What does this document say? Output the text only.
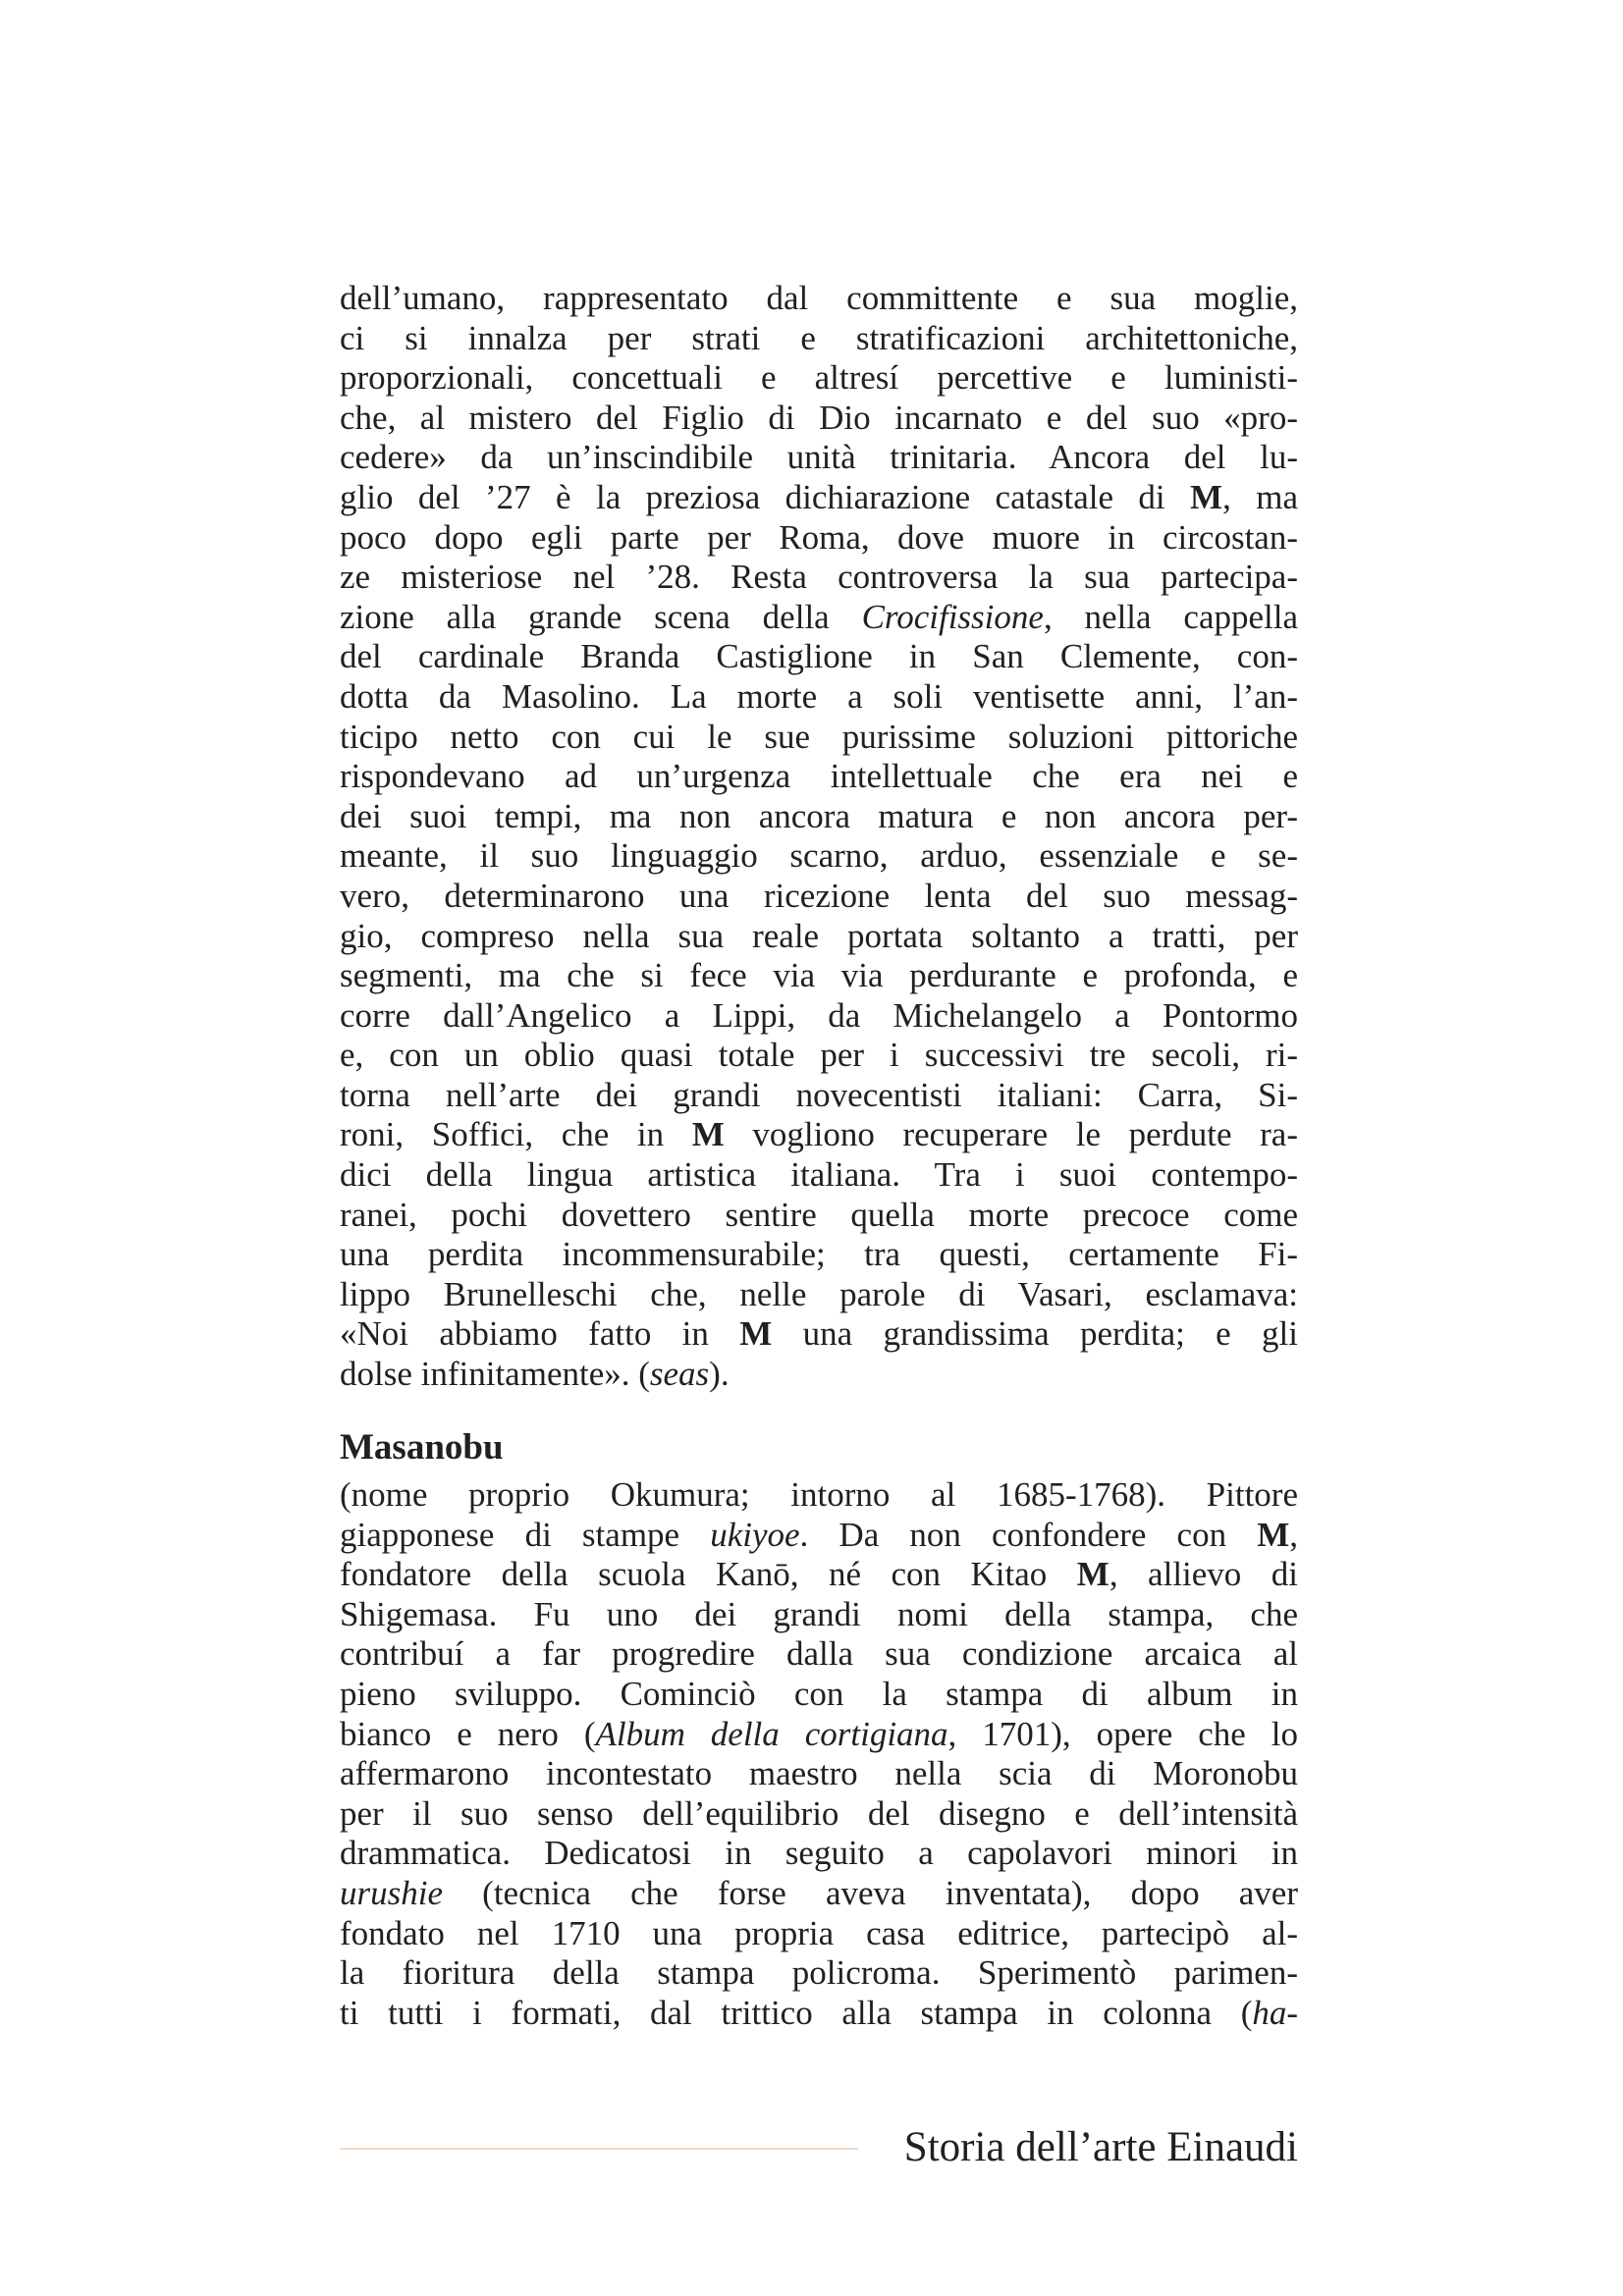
dell’umano, rappresentato dal committente e sua moglie,
ci si innalza per strati e stratificazioni architettoniche,
proporzionali, concettuali e altresí percettive e luministi-
che, al mistero del Figlio di Dio incarnato e del suo «pro-
cedere» da un’inscindibile unità trinitaria. Ancora del lu-
glio del ’27 è la preziosa dichiarazione catastale di M, ma
poco dopo egli parte per Roma, dove muore in circostan-
ze misteriose nel ’28. Resta controversa la sua partecipa-
zione alla grande scena della Crocifissione, nella cappella
del cardinale Branda Castiglione in San Clemente, con-
dotta da Masolino. La morte a soli ventisette anni, l’an-
ticipo netto con cui le sue purissime soluzioni pittoriche
rispondevano ad un’urgenza intellettuale che era nei e
dei suoi tempi, ma non ancora matura e non ancora per-
meante, il suo linguaggio scarno, arduo, essenziale e se-
vero, determinarono una ricezione lenta del suo messag-
gio, compreso nella sua reale portata soltanto a tratti, per
segmenti, ma che si fece via via perdurante e profonda, e
corre dall’Angelico a Lippi, da Michelangelo a Pontormo
e, con un oblio quasi totale per i successivi tre secoli, ri-
torna nell’arte dei grandi novecentisti italiani: Carra, Si-
roni, Soffici, che in M vogliono recuperare le perdute ra-
dici della lingua artistica italiana. Tra i suoi contempo-
ranei, pochi dovettero sentire quella morte precoce come
una perdita incommensurabile; tra questi, certamente Fi-
lippo Brunelleschi che, nelle parole di Vasari, esclamava:
«Noi abbiamo fatto in M una grandissima perdita; e gli
dolse infinitamente». (seas).
Masanobu
(nome proprio Okumura; intorno al 1685-1768). Pittore
giapponese di stampe ukiyoe. Da non confondere con M,
fondatore della scuola Kanō, né con Kitao M, allievo di
Shigemasa. Fu uno dei grandi nomi della stampa, che
contribuí a far progredire dalla sua condizione arcaica al
pieno sviluppo. Cominciò con la stampa di album in
bianco e nero (Album della cortigiana, 1701), opere che lo
affermarono incontestato maestro nella scia di Moronobu
per il suo senso dell’equilibrio del disegno e dell’intensità
drammatica. Dedicatosi in seguito a capolavori minori in
urushie (tecnica che forse aveva inventata), dopo aver
fondato nel 1710 una propria casa editrice, partecipò al-
la fioritura della stampa policroma. Sperimentò parimen-
ti tutti i formati, dal trittico alla stampa in colonna (ha-
Storia dell’arte Einaudi
